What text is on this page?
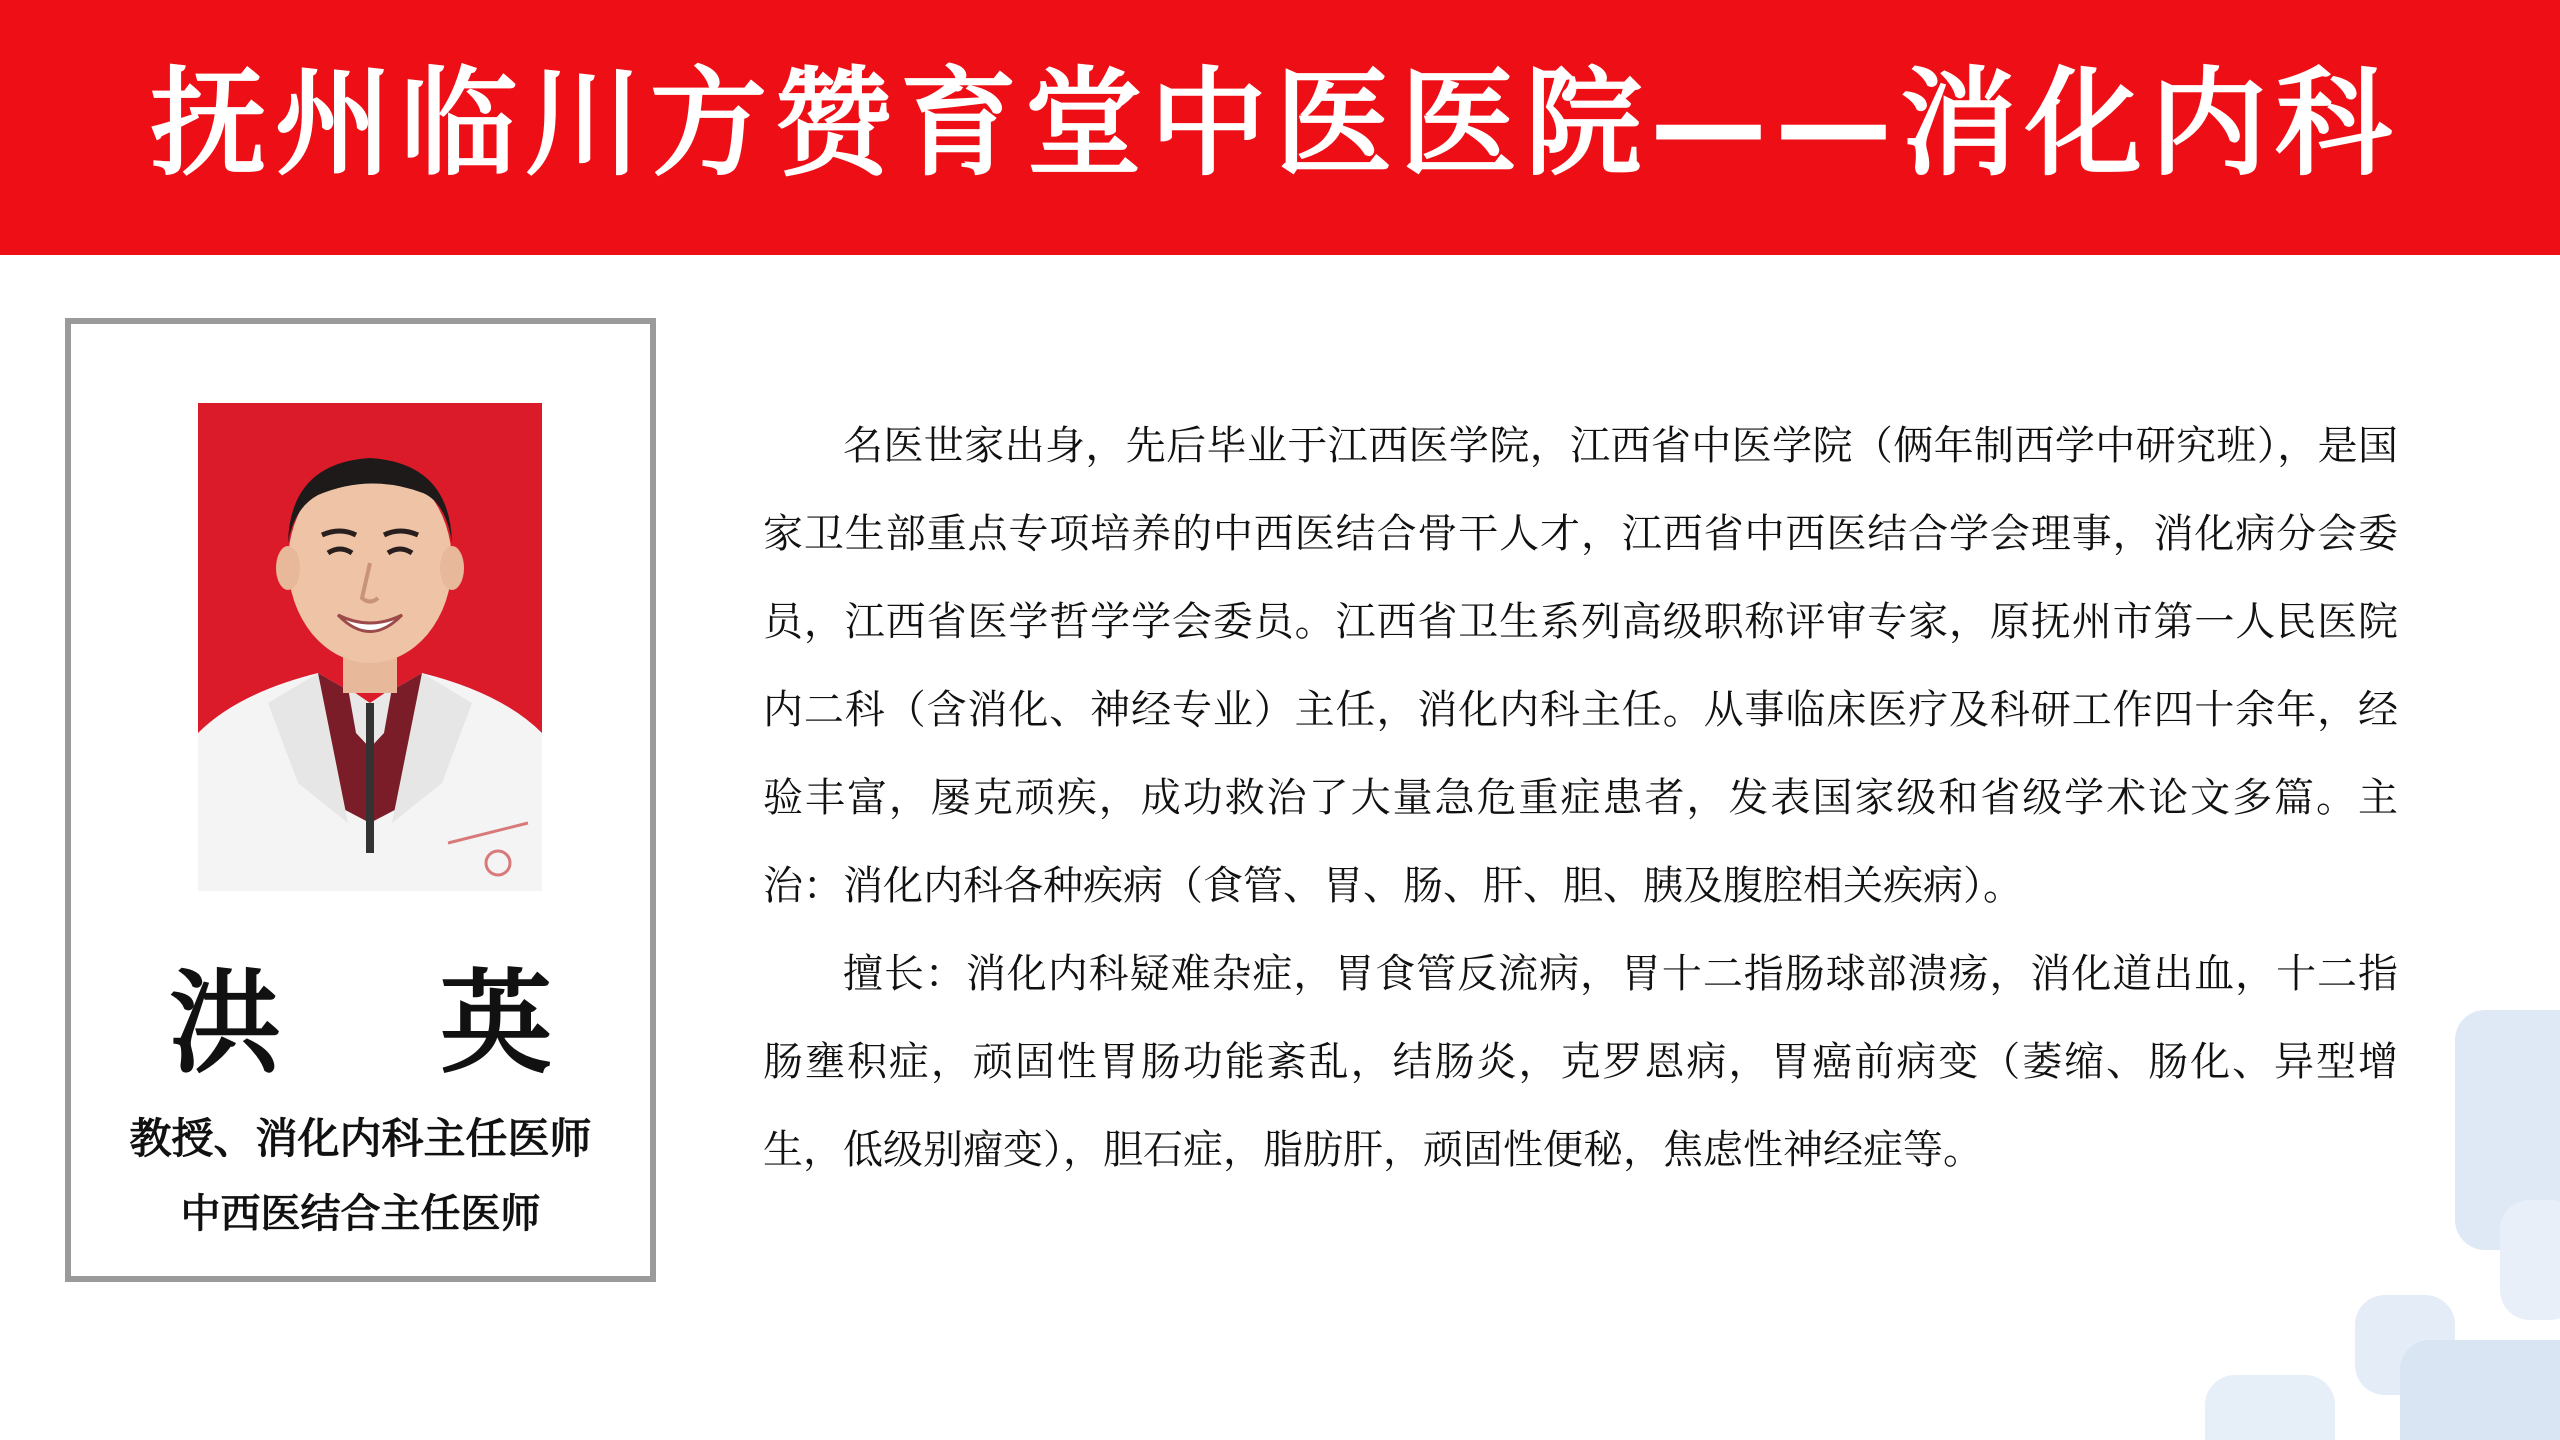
抚州临川方赞育堂中医医院——消化内科
洪 英
教授、消化内科主任医师
中西医结合主任医师

名医世家出身，先后毕业于江西医学院，江西省中医学院（俩年制西学中研究班），是国家卫生部重点专项培养的中西医结合骨干人才，江西省中西医结合学会理事，消化病分会委员，江西省医学哲学学会委员。江西省卫生系列高级职称评审专家，原抚州市第一人民医院内二科（含消化、神经专业）主任，消化内科主任。从事临床医疗及科研工作四十余年，经验丰富，屡克顽疾，成功救治了大量急危重症患者，发表国家级和省级学术论文多篇。主治：消化内科各种疾病（食管、胃、肠、肝、胆、胰及腹腔相关疾病）。

擅长：消化内科疑难杂症，胃食管反流病，胃十二指肠球部溃疡，消化道出血，十二指肠壅积症，顽固性胃肠功能紊乱，结肠炎，克罗恩病，胃癌前病变（萎缩、肠化、异型增生，低级别瘤变），胆石症，脂肪肝，顽固性便秘，焦虑性神经症等。
